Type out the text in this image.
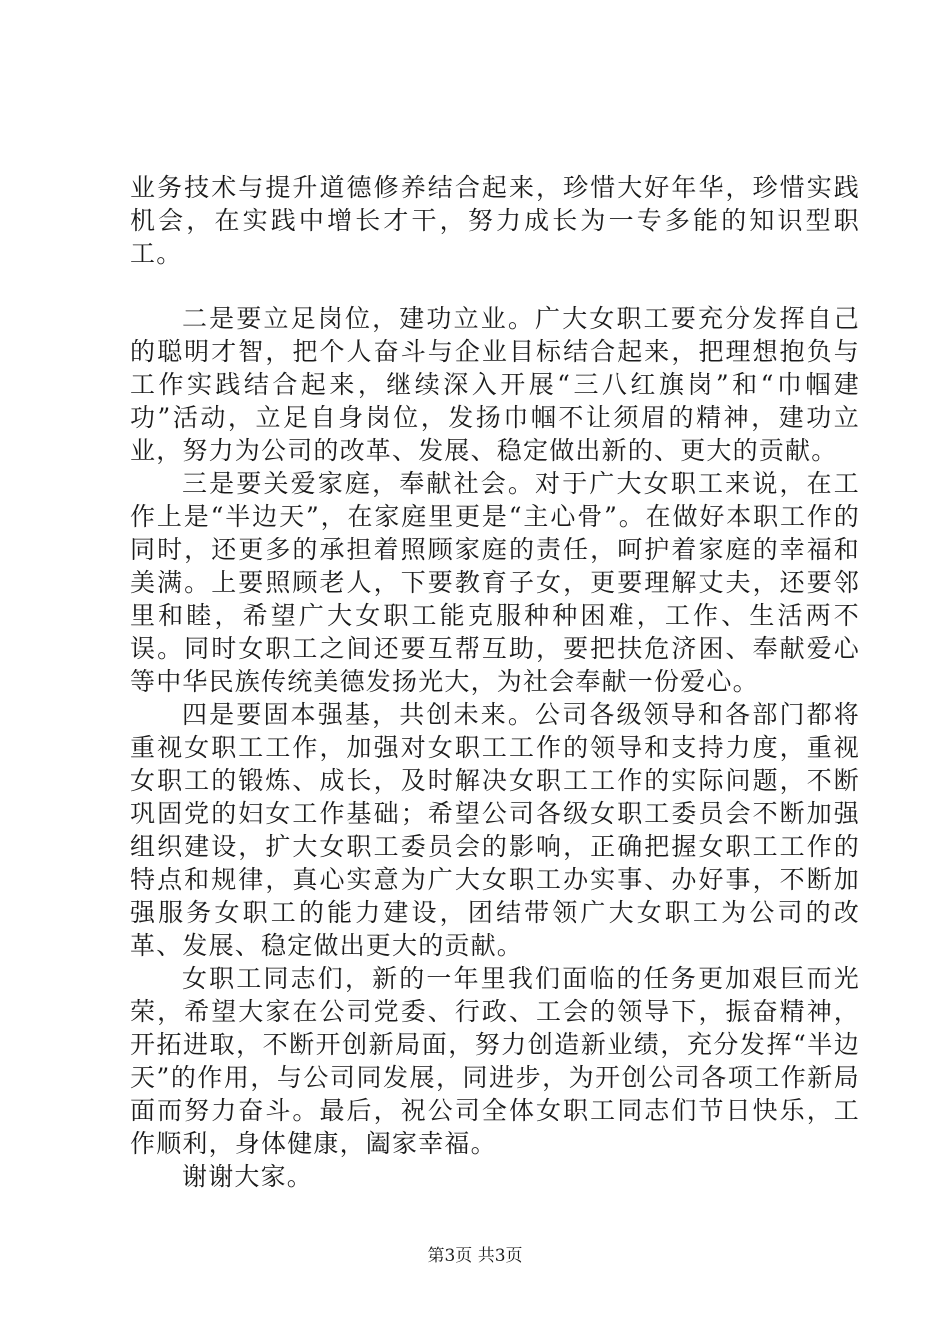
业务技术与提升道德修养结合起来，珍惜大好年华，珍惜实践机会，在实践中增长才干，努力成长为一专多能的知识型职工。

二是要立足岗位，建功立业。广大女职工要充分发挥自己的聪明才智，把个人奋斗与企业目标结合起来，把理想抱负与工作实践结合起来，继续深入开展“三八红旗岗”和“巾帼建功”活动，立足自身岗位，发扬巾帼不让须眉的精神，建功立业，努力为公司的改革、发展、稳定做出新的、更大的贡献。

三是要关爱家庭，奉献社会。对于广大女职工来说，在工作上是“半边天”，在家庭里更是“主心骨”。在做好本职工作的同时，还更多的承担着照顾家庭的责任，呵护着家庭的幸福和美满。上要照顾老人，下要教育子女，更要理解丈夫，还要邻里和睦，希望广大女职工能克服种种困难，工作、生活两不误。同时女职工之间还要互帮互助，要把扶危济困、奉献爱心等中华民族传统美德发扬光大，为社会奉献一份爱心。

四是要固本强基，共创未来。公司各级领导和各部门都将重视女职工工作，加强对女职工工作的领导和支持力度，重视女职工的锻炼、成长，及时解决女职工工作的实际问题，不断巩固党的妇女工作基础；希望公司各级女职工委员会不断加强组织建设，扩大女职工委员会的影响，正确把握女职工工作的特点和规律，真心实意为广大女职工办实事、办好事，不断加强服务女职工的能力建设，团结带领广大女职工为公司的改革、发展、稳定做出更大的贡献。

女职工同志们，新的一年里我们面临的任务更加艰巨而光荣，希望大家在公司党委、行政、工会的领导下，振奋精神，开拓进取，不断开创新局面，努力创造新业绩，充分发挥“半边天”的作用，与公司同发展，同进步，为开创公司各项工作新局面而努力奋斗。最后，祝公司全体女职工同志们节日快乐，工作顺利，身体健康，阖家幸福。

谢谢大家。

第3页 共3页
